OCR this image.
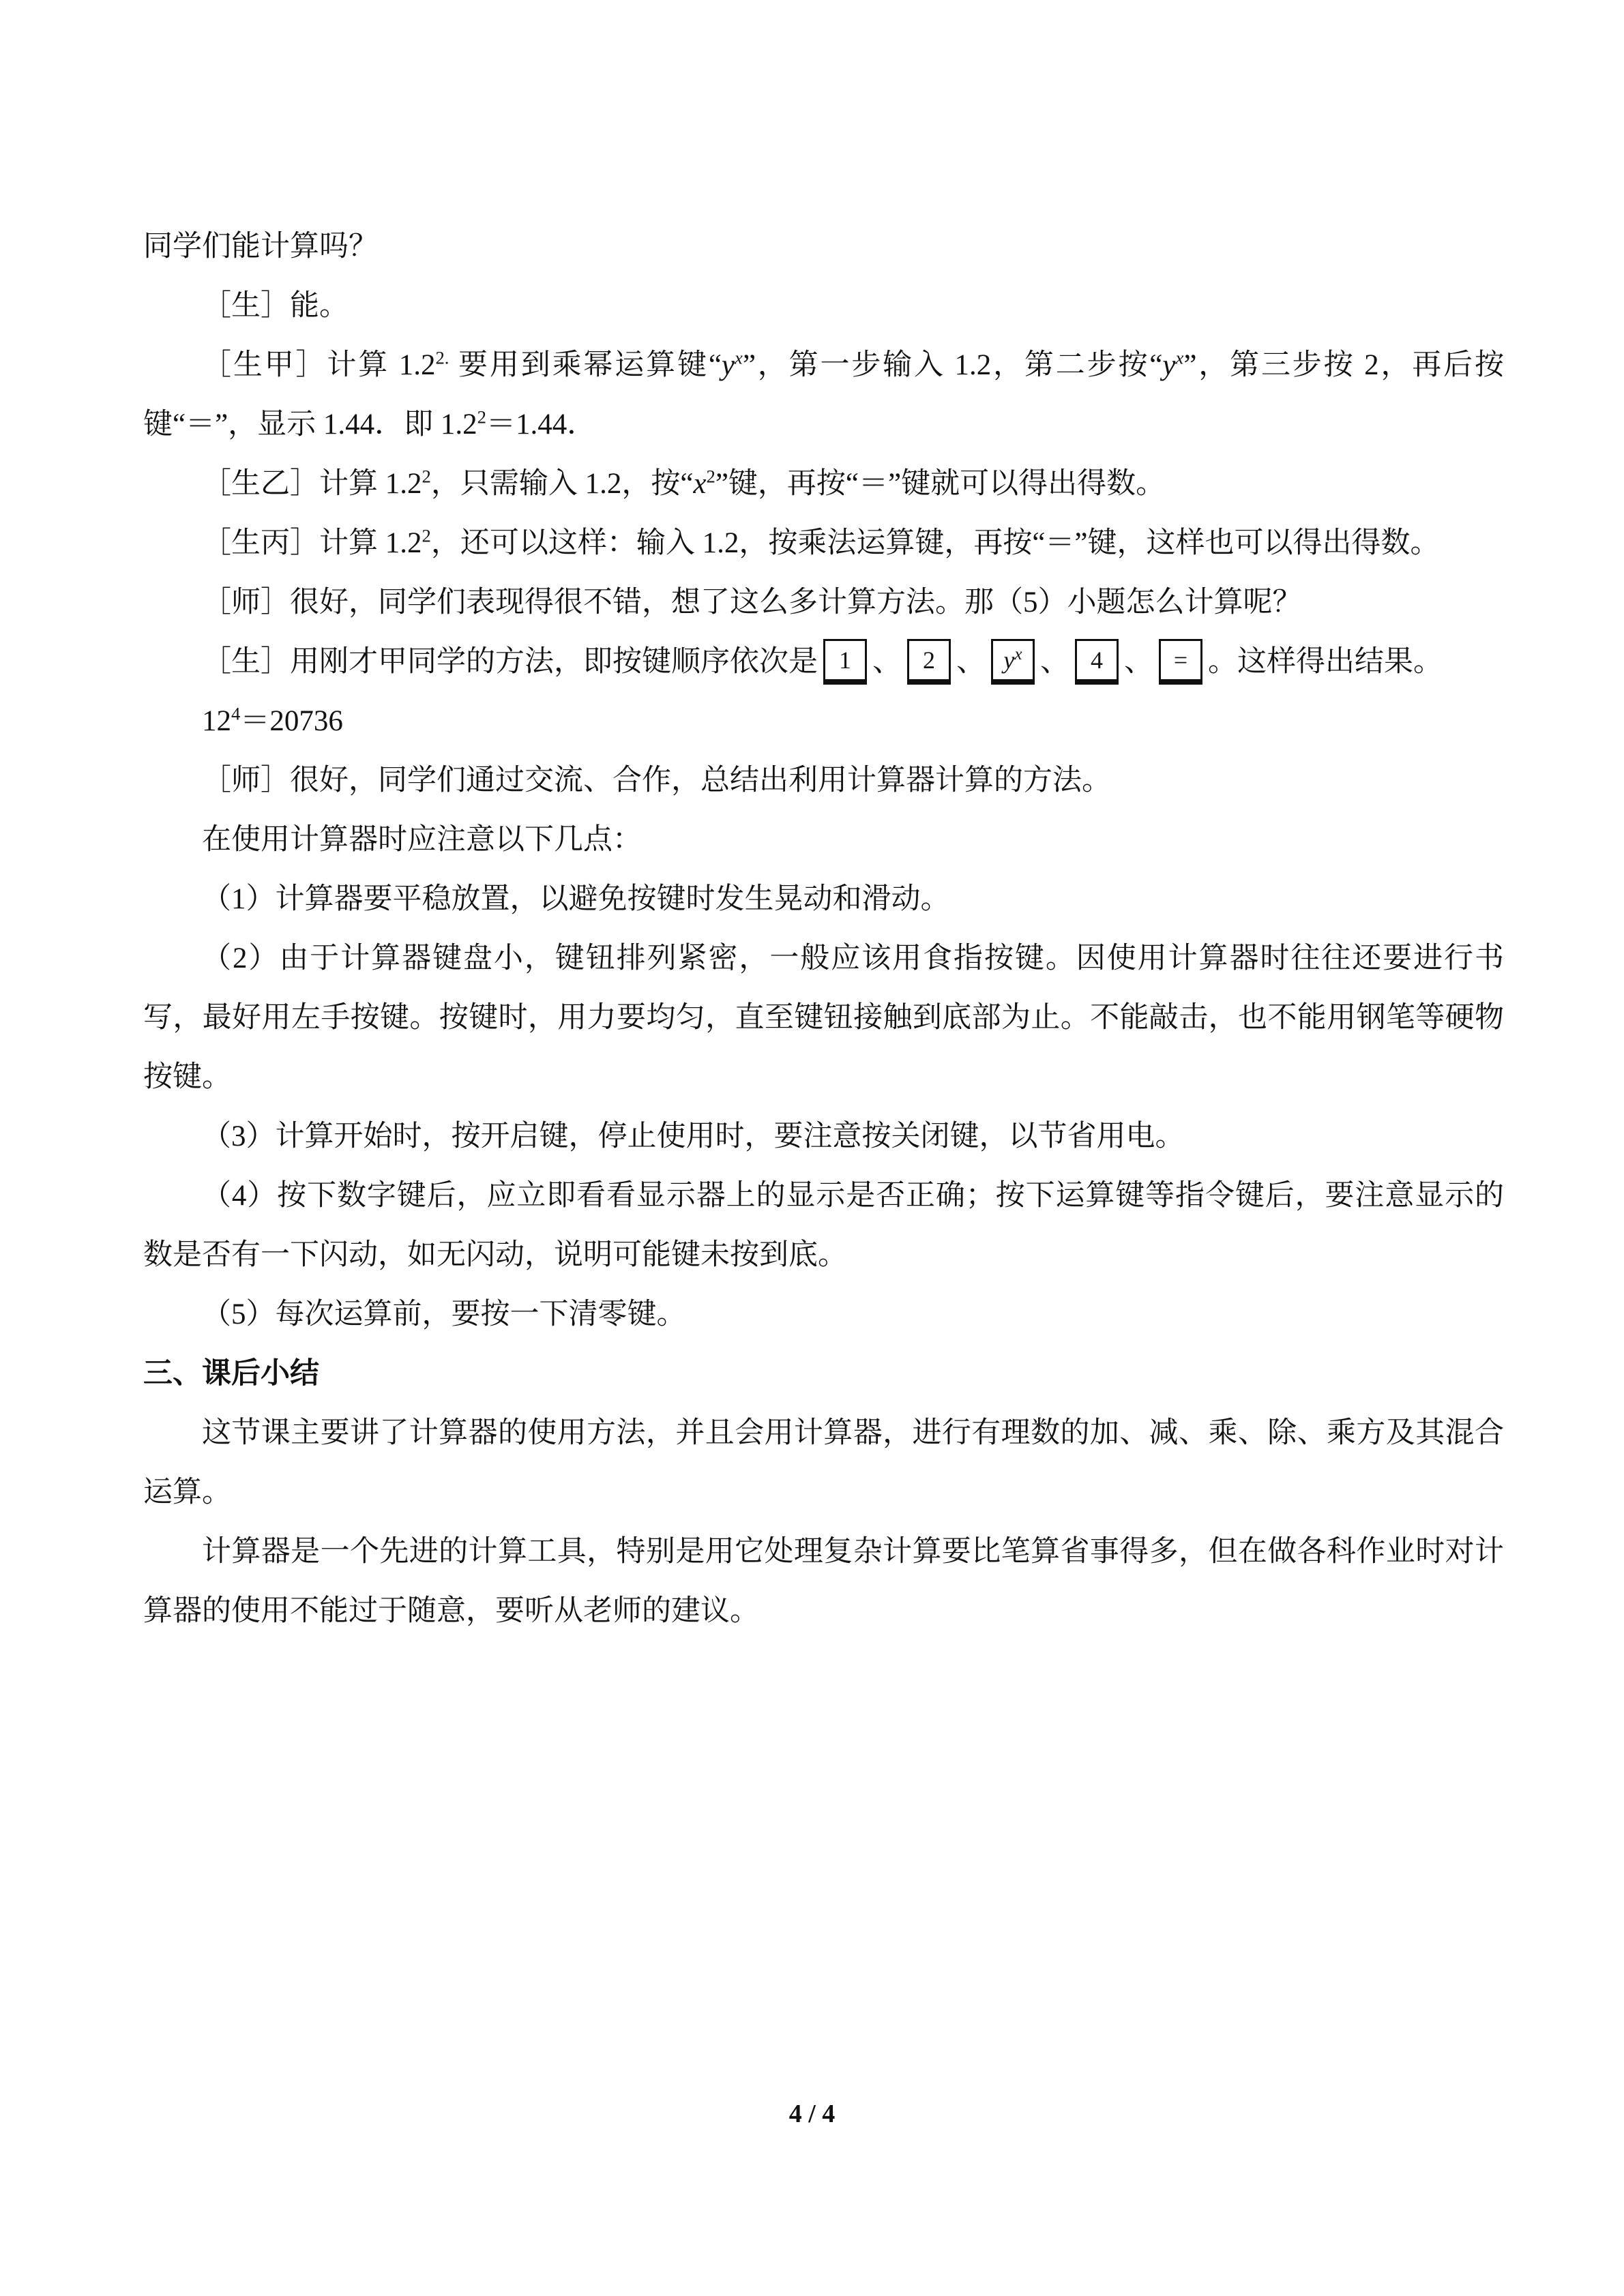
同学们能计算吗？

［生］能。

［生甲］计算 $1.2^{2.}$ 要用到乘幂运算键“$y^x$”，第一步输入 1.2，第二步按“$y^x$”，第三步按 2，再后按键“＝”，显示 1.44．即 $1.2^2=1.44$．

［生乙］计算 $1.2^2$，只需输入 1.2，按“$x^2$”键，再按“＝”键就可以得出得数。

［生丙］计算 $1.2^2$，还可以这样：输入 1.2，按乘法运算键，再按“＝”键，这样也可以得出得数。

［师］很好，同学们表现得很不错，想了这么多计算方法。那（5）小题怎么计算呢？

［生］用刚才甲同学的方法，即按键顺序依次是 1 、 2 、 $y^x$ 、 4 、 = 。这样得出结果。

$12^4=20736$

［师］很好，同学们通过交流、合作，总结出利用计算器计算的方法。

在使用计算器时应注意以下几点：

（1）计算器要平稳放置，以避免按键时发生晃动和滑动。

（2）由于计算器键盘小，键钮排列紧密，一般应该用食指按键。因使用计算器时往往还要进行书写，最好用左手按键。按键时，用力要均匀，直至键钮接触到底部为止。不能敲击，也不能用钢笔等硬物按键。

（3）计算开始时，按开启键，停止使用时，要注意按关闭键，以节省用电。

（4）按下数字键后，应立即看看显示器上的显示是否正确；按下运算键等指令键后，要注意显示的数是否有一下闪动，如无闪动，说明可能键未按到底。

（5）每次运算前，要按一下清零键。

三、课后小结

这节课主要讲了计算器的使用方法，并且会用计算器，进行有理数的加、减、乘、除、乘方及其混合运算。

计算器是一个先进的计算工具，特别是用它处理复杂计算要比笔算省事得多，但在做各科作业时对计算器的使用不能过于随意，要听从老师的建议。

4 / 4
